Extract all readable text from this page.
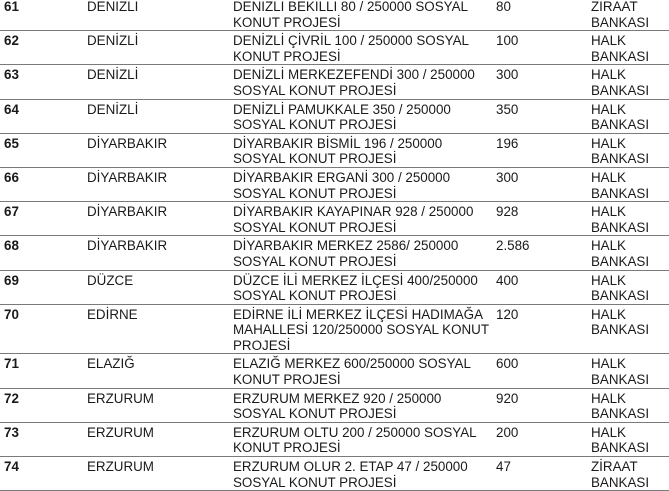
61	DENİZLİ	DENİZLİ BEKİLLİ 80 / 250000 SOSYAL KONUT PROJESİ	80	ZİRAAT BANKASI
62	DENİZLİ	DENİZLİ ÇİVRİL 100 / 250000 SOSYAL KONUT PROJESİ	100	HALK BANKASI
63	DENİZLİ	DENİZLİ MERKEZEFENDİ 300 / 250000 SOSYAL KONUT PROJESİ	300	HALK BANKASI
64	DENİZLİ	DENİZLİ PAMUKKALE 350 / 250000 SOSYAL KONUT PROJESİ	350	HALK BANKASI
65	DİYARBAKIR	DİYARBAKIR BİSMİL 196 / 250000 SOSYAL KONUT PROJESİ	196	HALK BANKASI
66	DİYARBAKIR	DİYARBAKIR ERGANİ 300 / 250000 SOSYAL KONUT PROJESİ	300	HALK BANKASI
67	DİYARBAKIR	DİYARBAKIR KAYAPINAR 928 / 250000 SOSYAL KONUT PROJESİ	928	HALK BANKASI
68	DİYARBAKIR	DİYARBAKIR MERKEZ 2586/ 250000 SOSYAL KONUT PROJESİ	2.586	HALK BANKASI
69	DÜZCE	DÜZCE İLİ MERKEZ İLÇESİ 400/250000 SOSYAL KONUT PROJESİ	400	HALK BANKASI
70	EDİRNE	EDİRNE İLİ MERKEZ İLÇESİ HADIMAĞA MAHALLESİ 120/250000 SOSYAL KONUT PROJESİ	120	HALK BANKASI
71	ELAZIĞ	ELAZIĞ MERKEZ 600/250000 SOSYAL KONUT PROJESİ	600	HALK BANKASI
72	ERZURUM	ERZURUM MERKEZ 920 / 250000 SOSYAL KONUT PROJESİ	920	HALK BANKASI
73	ERZURUM	ERZURUM OLTU 200 / 250000 SOSYAL KONUT PROJESİ	200	HALK BANKASI
74	ERZURUM	ERZURUM OLUR 2. ETAP 47 / 250000 SOSYAL KONUT PROJESİ	47	ZİRAAT BANKASI
